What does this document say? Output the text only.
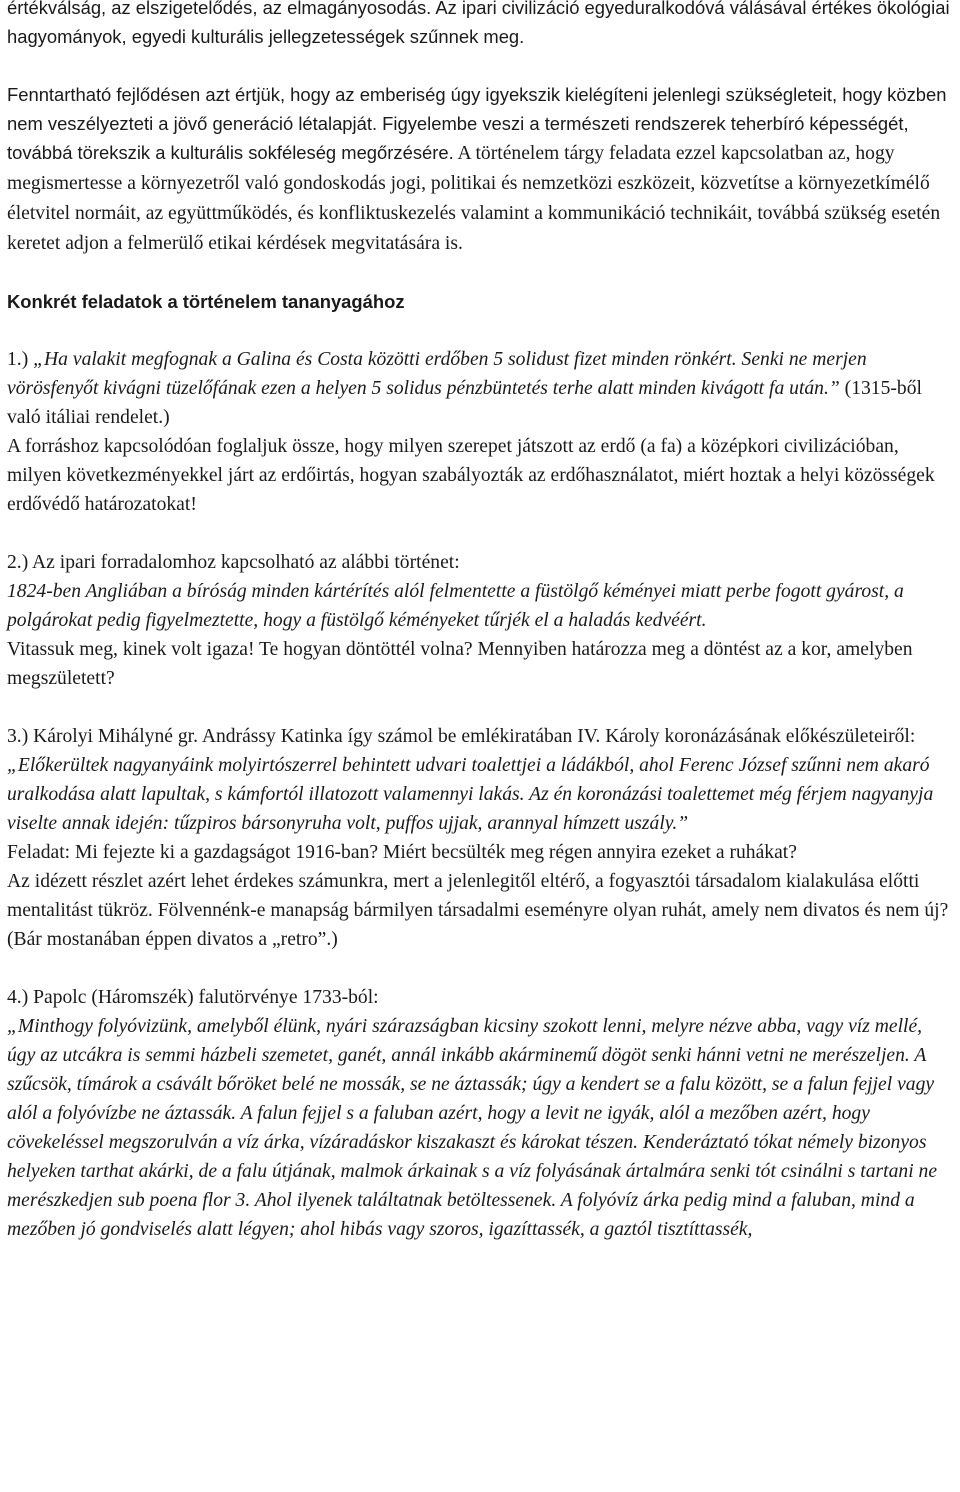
értékválság, az elszigetelődés, az elmagányosodás. Az ipari civilizáció egyeduralkodóvá válásával értékes ökológiai hagyományok, egyedi kulturális jellegzetességek szűnnek meg.

Fenntartható fejlődésen azt értjük, hogy az emberiség úgy igyekszik kielégíteni jelenlegi szükségleteit, hogy közben nem veszélyezteti a jövő generáció létalapját. Figyelembe veszi a természeti rendszerek teherbíró képességét, továbbá törekszik a kulturális sokféleség megőrzésére. A történelem tárgy feladata ezzel kapcsolatban az, hogy megismertesse a környezetről való gondoskodás jogi, politikai és nemzetközi eszközeit, közvetítse a környezetkímélő életvitel normáit, az együttműködés, és konfliktuskezelés valamint a kommunikáció technikáit, továbbá szükség esetén keretet adjon a felmerülő etikai kérdések megvitatására is.

Konkrét feladatok a történelem tananyagához

1.) „Ha valakit megfognak a Galina és Costa közötti erdőben 5 solidust fizet minden rönkért. Senki ne merjen vörösfenyőt kivágni tüzelőfának ezen a helyen 5 solidus pénzbüntetés terhe alatt minden kivágott fa után.” (1315-ből való itáliai rendelet.)

A forráshoz kapcsolódóan foglaljuk össze, hogy milyen szerepet játszott az erdő (a fa) a középkori civilizációban, milyen következményekkel járt az erdőirtás, hogyan szabályozták az erdőhasználatot, miért hoztak a helyi közösségek erdővédő határozatokat!

2.) Az ipari forradalomhoz kapcsolható az alábbi történet:

1824-ben Angliában a bíróság minden kártérítés alól felmentette a füstölgő kéményei miatt perbe fogott gyárost, a polgárokat pedig figyelmeztette, hogy a füstölgő kéményeket tűrjék el a haladás kedvéért.

Vitassuk meg, kinek volt igaza! Te hogyan döntöttél volna? Mennyiben határozza meg a döntést az a kor, amelyben megszületett?

3.) Károlyi Mihályné gr. Andrássy Katinka így számol be emlékiratában IV. Károly koronázásának előkészületeiről:

„Előkerültek nagyanyáink molyirtószerrel behintett udvari toalettjei a ládákból, ahol Ferenc József szűnni nem akaró uralkodása alatt lapultak, s kámfortól illatozott valamennyi lakás. Az én koronázási toalettemet még férjem nagyanyja viselte annak idején: tűzpiros bársonyruha volt, puffos ujjak, arannyal hímzett uszály.”

Feladat: Mi fejezte ki a gazdagságot 1916-ban? Miért becsülték meg régen annyira ezeket a ruhákat?

Az idézett részlet azért lehet érdekes számunkra, mert a jelenlegitől eltérő, a fogyasztói társadalom kialakulása előtti mentalitást tükröz. Fölvennénk-e manapság bármilyen társadalmi eseményre olyan ruhát, amely nem divatos és nem új? (Bár mostanában éppen divatos a „retro”.)

4.) Papolc (Háromszék) falutörvénye 1733-ból:

„Minthogy folyóvizünk, amelyből élünk, nyári szárazságban kicsiny szokott lenni, melyre nézve abba, vagy víz mellé, úgy az utcákra is semmi házbeli szemetet, ganét, annál inkább akárminemű dögöt senki hánni vetni ne merészeljen. A szűcsök, tímárok a csávált bőröket belé ne mossák, se ne áztassák; úgy a kendert se a falu között, se a falun fejjel vagy alól a folyóvízbe ne áztassák. A falun fejjel s a faluban azért, hogy a levit ne igyák, alól a mezőben azért, hogy cövekeléssel megszorulván a víz árka, vízáradáskor kiszakaszt és károkat tészen. Kenderáztató tókat némely bizonyos helyeken tarthat akárki, de a falu útjának, malmok árkainak s a víz folyásának ártalmára senki tót csinálni s tartani ne merészkedjen sub poena flor 3. Ahol ilyenek találtatnak betöltessenek. A folyóvíz árka pedig mind a faluban, mind a mezőben jó gondviselés alatt légyen; ahol hibás vagy szoros, igazíttassék, a gaztól tisztíttassék,
